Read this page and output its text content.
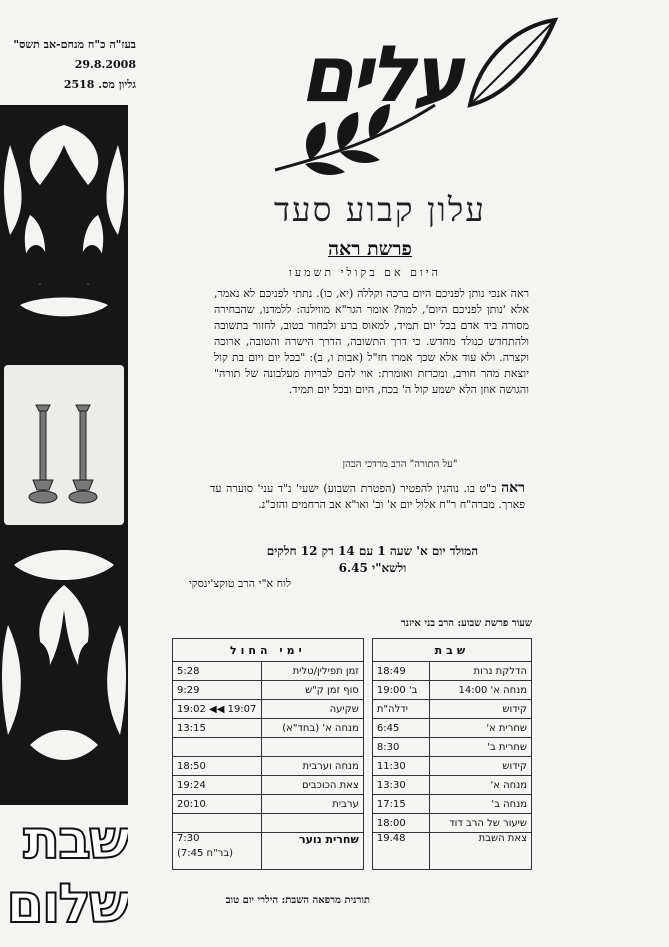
בעז"ה כ"ח מנחם-אב תשס"
29.8.2008
גליון מס. 2518
שבת
שלום
עלים
עלון קבוע סעד
פרשת ראה
היום אם בקולי תשמעו
ראה אנכי נותן לפניכם היום ברכה וקללה (יא, כו). נתתי לפניכם לא נאמר, אלא 'נותן לפניכם היום', למה? אומר הגר"א מווילנה: ללמדנו, שהבחירה מסורה ביד אדם בכל יום תמיד, למאוס ברע ולבחור בטוב, לחזור בתשובה ולהתחדש כנולד מחדש. כי דרך התשובה, הדרך הישרה והטובה, ארוכה וקצרה. ולא עוד אלא שכך אמרו חז"ל (אבות ו, ב): "בכל יום ויום בת קול יוצאת מהר חורב, ומכרזת ואומרת: אוי להם לבריות מעלבונה של תורה" והגושה אוזן הלא ישמע קול ה' בכח, היום ובכל יום תמיד.
"על התורה" הרב מרדכי הכהן
ראה כ"ט בו. נוהגין להפטיר (הפטרת השבוע) ישעי' נ"ד עני' סוערה עד פארך. מברה"ח ר"ח אלול יום א' וב' ואו"א אב הרחמים והזכ"נ.
המולד יום א' שעה 1 עם 14 דק 12 חלקים
ולשא"י 6.45
לוח א"י הרב טוקצ'ינסקי
שעור פרשת שבוע: הרב בני איזנר
שבת			ימי החול	
הדלקת נרות	18:49		זמן תפילין/טלית	5:28
מנחה א' 14:00	ב' 19:00		סוף זמן ק"ש	9:29
קידוש	ידלה"ת		שקיעה	19:07 ◀◀ 19:02
שחרית א'	6:45		מנחה א' (בחד"א)	13:15
שחרית ב'	8:30			
קידוש	11:30		מנחה וערבית	18:50
מנחה א'	13:30		צאת הכוכבים	19:24
מנחה ב'	17:15		ערבית	20:10
שיעור של הרב דוד	18:00			
צאת השבת	19.48		שחרית נוער	7:30
(בר"ח 7:45)
תורנית מרפאה השבת: הילרי יום טוב
